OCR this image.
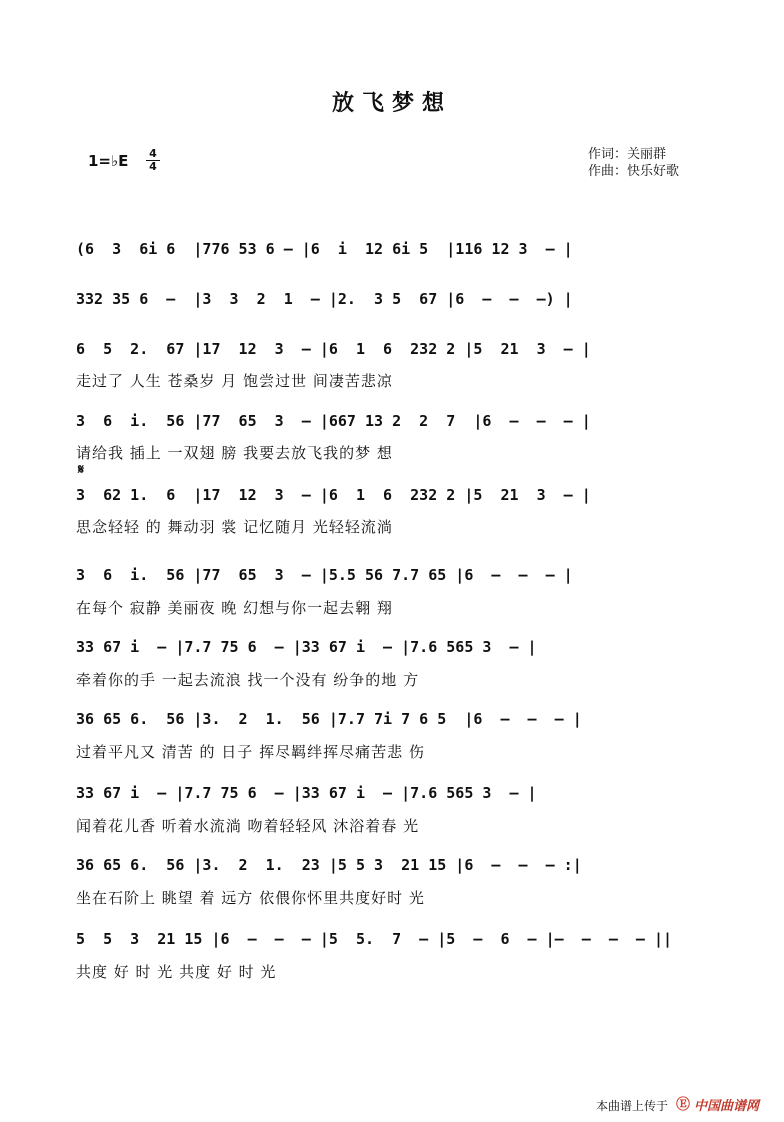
放飞梦想
1=♭E 4
4
作词：关丽群
作曲：快乐好歌
𝄋
(6  3  6i 6  |776 53 6 – |6  i  12 6i 5  |116 12 3  – |
332 35 6  –  |3  3  2  1  – |2.  3 5  67 |6  –  –  –) |
6  5  2.  67 |17  12  3  – |6  1  6  232 2 |5  21  3  – |
走过了 人生 苍桑岁 月 饱尝过世 间凄苦悲凉
3  6  i.  56 |77  65  3  – |667 13 2  2  7  |6  –  –  – |
请给我 插上 一双翅 膀 我要去放飞我的梦 想
3  62 1.  6  |17  12  3  – |6  1  6  232 2 |5  21  3  – |
思念轻轻 的 舞动羽 裳 记忆随月 光轻轻流淌
3  6  i.  56 |77  65  3  – |5.5 56 7.7 65 |6  –  –  – |
在每个 寂静 美丽夜 晚 幻想与你一起去翱 翔
33 67 i  – |7.7 75 6  – |33 67 i  – |7.6 565 3  – |
牵着你的手 一起去流浪 找一个没有 纷争的地 方
36 65 6.  56 |3.  2  1.  56 |7.7 7i 7 6 5  |6  –  –  – |
过着平凡又 清苦 的 日子 挥尽羁绊挥尽痛苦悲 伤
33 67 i  – |7.7 75 6  – |33 67 i  – |7.6 565 3  – |
闻着花儿香 听着水流淌 吻着轻轻风 沐浴着春 光
36 65 6.  56 |3.  2  1.  23 |5 5 3  21 15 |6  –  –  – :|
坐在石阶上 眺望 着 远方 依偎你怀里共度好时 光
5  5  3  21 15 |6  –  –  – |5  5.  7  – |5  –  6  – |–  –  –  – ||
共度 好 时 光 共度 好 时 光
本曲谱上传于 Ⓔ 中国曲谱网
